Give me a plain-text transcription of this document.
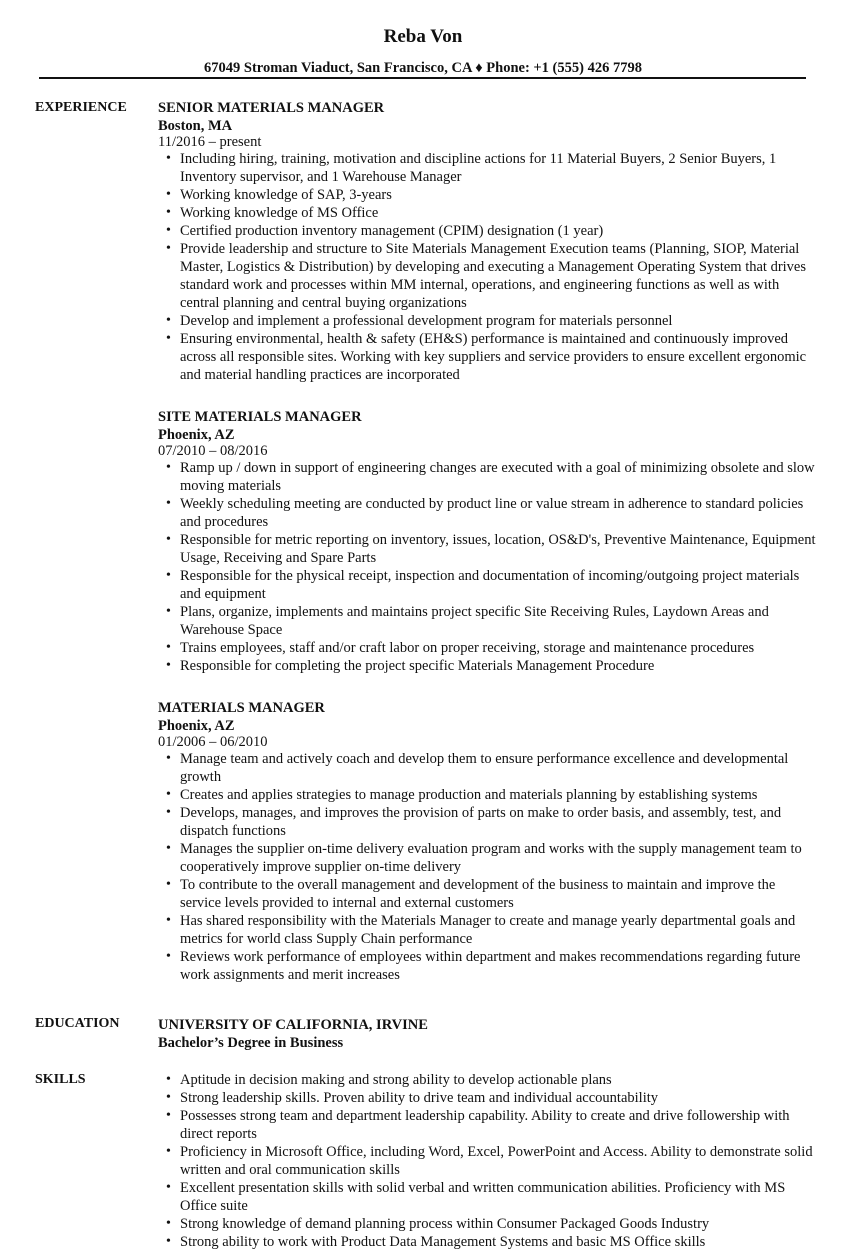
Reba Von
67049 Stroman Viaduct, San Francisco, CA ♦ Phone: +1 (555) 426 7798
EXPERIENCE SENIOR MATERIALS MANAGER
Boston, MA
11/2016 – present
• Including hiring, training, motivation and discipline actions for 11 Material Buyers, 2 Senior Buyers, 1 Inventory supervisor, and 1 Warehouse Manager
• Working knowledge of SAP, 3-years
• Working knowledge of MS Office
• Certified production inventory management (CPIM) designation (1 year)
• Provide leadership and structure to Site Materials Management Execution teams (Planning, SIOP, Material Master, Logistics & Distribution) by developing and executing a Management Operating System that drives standard work and processes within MM internal, operations, and engineering functions as well as with central planning and central buying organizations
• Develop and implement a professional development program for materials personnel
• Ensuring environmental, health & safety (EH&S) performance is maintained and continuously improved across all responsible sites. Working with key suppliers and service providers to ensure excellent ergonomic and material handling practices are incorporated
SITE MATERIALS MANAGER
Phoenix, AZ
07/2010 – 08/2016
• Ramp up / down in support of engineering changes are executed with a goal of minimizing obsolete and slow moving materials
• Weekly scheduling meeting are conducted by product line or value stream in adherence to standard policies and procedures
• Responsible for metric reporting on inventory, issues, location, OS&D's, Preventive Maintenance, Equipment Usage, Receiving and Spare Parts
• Responsible for the physical receipt, inspection and documentation of incoming/outgoing project materials and equipment
• Plans, organize, implements and maintains project specific Site Receiving Rules, Laydown Areas and Warehouse Space
• Trains employees, staff and/or craft labor on proper receiving, storage and maintenance procedures
• Responsible for completing the project specific Materials Management Procedure
MATERIALS MANAGER
Phoenix, AZ
01/2006 – 06/2010
• Manage team and actively coach and develop them to ensure performance excellence and developmental growth
• Creates and applies strategies to manage production and materials planning by establishing systems
• Develops, manages, and improves the provision of parts on make to order basis, and assembly, test, and dispatch functions
• Manages the supplier on-time delivery evaluation program and works with the supply management team to cooperatively improve supplier on-time delivery
• To contribute to the overall management and development of the business to maintain and improve the service levels provided to internal and external customers
• Has shared responsibility with the Materials Manager to create and manage yearly departmental goals and metrics for world class Supply Chain performance
• Reviews work performance of employees within department and makes recommendations regarding future work assignments and merit increases
EDUCATION	UNIVERSITY OF CALIFORNIA, IRVINE
Bachelor’s Degree in Business
SKILLS
•	Aptitude in decision making and strong ability to develop actionable plans
• Strong leadership skills. Proven ability to drive team and individual accountability
• Possesses strong team and department leadership capability. Ability to create and drive followership with direct reports
• Proficiency in Microsoft Office, including Word, Excel, PowerPoint and Access. Ability to demonstrate solid written and oral communication skills
• Excellent presentation skills with solid verbal and written communication abilities. Proficiency with MS Office suite
• Strong knowledge of demand planning process within Consumer Packaged Goods Industry
• Strong ability to work with Product Data Management Systems and basic MS Office skills
